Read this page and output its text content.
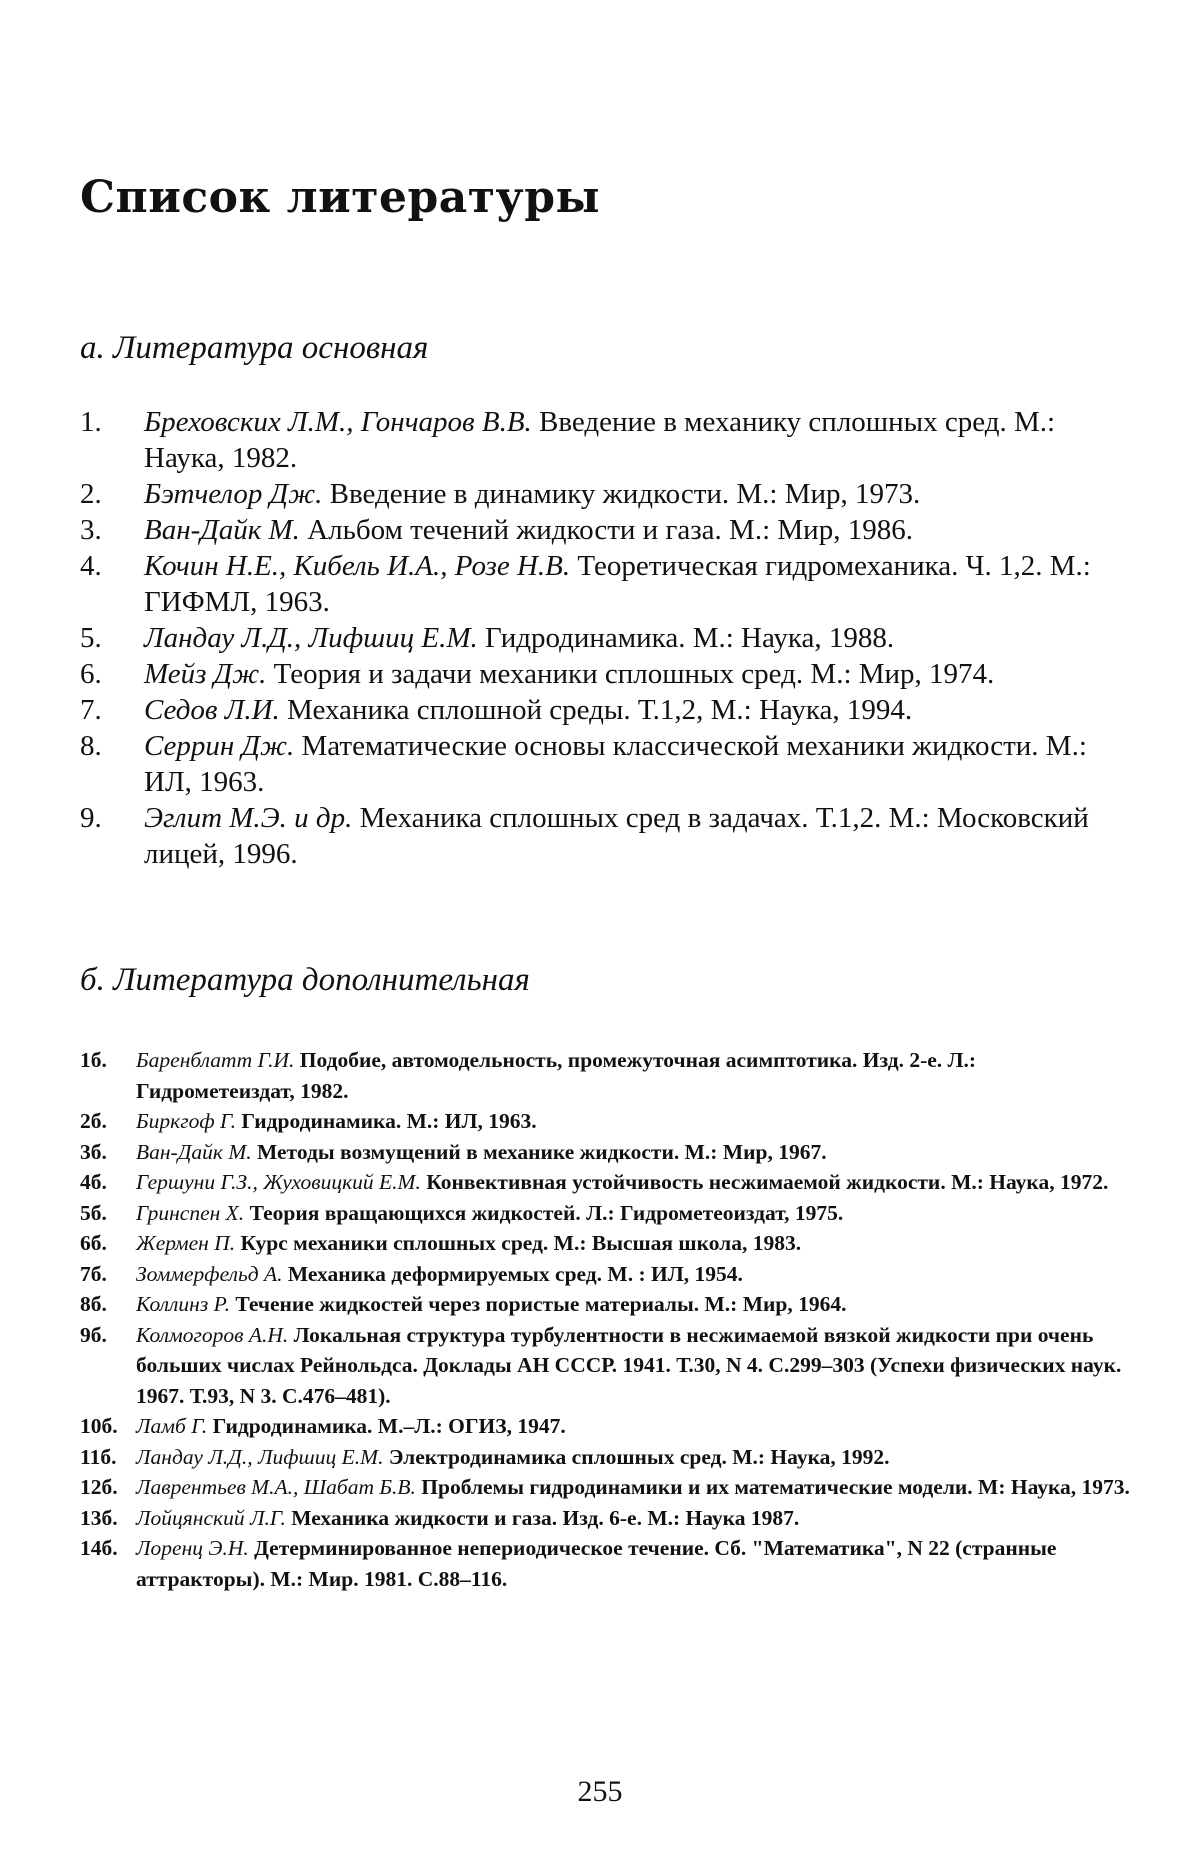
Список литературы
а. Литература основная
1. Бреховских Л.М., Гончаров В.В. Введение в механику сплошных сред. М.: Наука, 1982.
2. Бэтчелор Дж. Введение в динамику жидкости. М.: Мир, 1973.
3. Ван-Дайк М. Альбом течений жидкости и газа. М.: Мир, 1986.
4. Кочин Н.Е., Кибель И.А., Розе Н.В. Теоретическая гидромеханика. Ч. 1,2. М.: ГИФМЛ, 1963.
5. Ландау Л.Д., Лифшиц Е.М. Гидродинамика. М.: Наука, 1988.
6. Мейз Дж. Теория и задачи механики сплошных сред. М.: Мир, 1974.
7. Седов Л.И. Механика сплошной среды. Т.1,2, М.: Наука, 1994.
8. Серрин Дж. Математические основы классической механики жидкости. М.: ИЛ, 1963.
9. Эглит М.Э. и др. Механика сплошных сред в задачах. Т.1,2. М.: Московский лицей, 1996.
б. Литература дополнительная
1б. Баренблатт Г.И. Подобие, автомодельность, промежуточная асимптотика. Изд. 2-е. Л.: Гидрометеиздат, 1982.
2б. Биркгоф Г. Гидродинамика. М.: ИЛ, 1963.
3б. Ван-Дайк М. Методы возмущений в механике жидкости. М.: Мир, 1967.
4б. Гершуни Г.З., Жуховицкий Е.М. Конвективная устойчивость несжимаемой жидкости. М.: Наука, 1972.
5б. Гринспен Х. Теория вращающихся жидкостей. Л.: Гидрометеоиздат, 1975.
6б. Жермен П. Курс механики сплошных сред. М.: Высшая школа, 1983.
7б. Зоммерфельд А. Механика деформируемых сред. М. : ИЛ, 1954.
8б. Коллинз Р. Течение жидкостей через пористые материалы. М.: Мир, 1964.
9б. Колмогоров А.Н. Локальная структура турбулентности в несжимаемой вязкой жидкости при очень больших числах Рейнольдса. Доклады АН СССР. 1941. Т.30, N 4. С.299–303 (Успехи физических наук. 1967. Т.93, N 3. С.476–481).
10б. Ламб Г. Гидродинамика. М.–Л.: ОГИЗ, 1947.
11б. Ландау Л.Д., Лифшиц Е.М. Электродинамика сплошных сред. М.: Наука, 1992.
12б. Лаврентьев М.А., Шабат Б.В. Проблемы гидродинамики и их математические модели. М: Наука, 1973.
13б. Лойцянский Л.Г. Механика жидкости и газа. Изд. 6-е. М.: Наука 1987.
14б. Лоренц Э.Н. Детерминированное непериодическое течение. Сб. "Математика", N 22 (странные аттракторы). М.: Мир. 1981. С.88–116.
255
